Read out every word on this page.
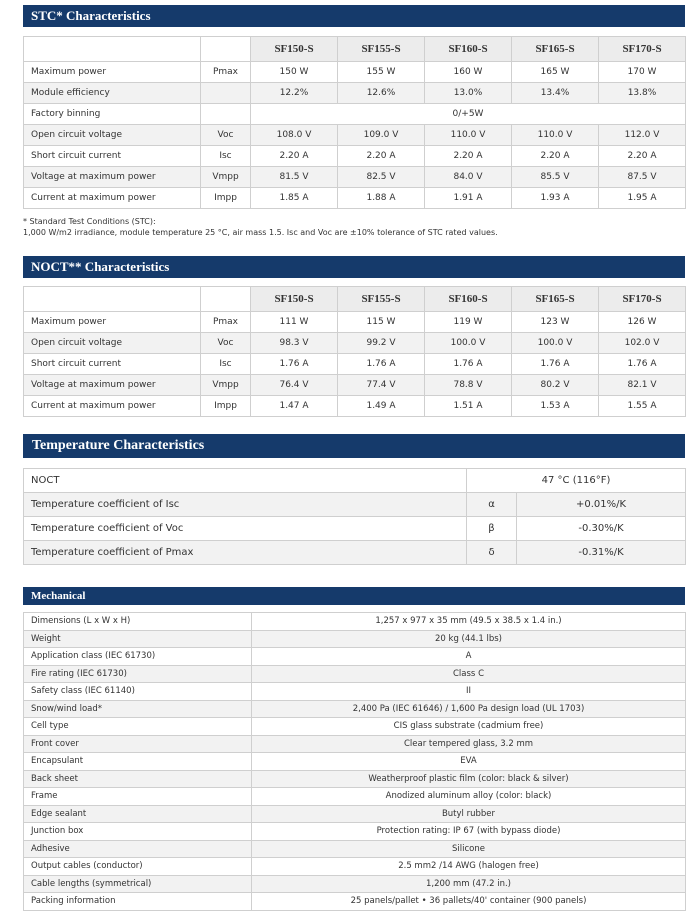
STC* Characteristics
		SF150-S	SF155-S	SF160-S	SF165-S	SF170-S
Maximum power	Pmax	150 W	155 W	160 W	165 W	170 W
Module efficiency		12.2%	12.6%	13.0%	13.4%	13.8%
Factory binning		0/+5W				
Open circuit voltage	Voc	108.0 V	109.0 V	110.0 V	110.0 V	112.0 V
Short circuit current	Isc	2.20 A	2.20 A	2.20 A	2.20 A	2.20 A
Voltage at maximum power	Vmpp	81.5 V	82.5 V	84.0 V	85.5 V	87.5 V
Current at maximum power	Impp	1.85 A	1.88 A	1.91 A	1.93 A	1.95 A
* Standard Test Conditions (STC):
1,000 W/m2 irradiance, module temperature 25 °C, air mass 1.5. Isc and Voc are ±10% tolerance of STC rated values.
NOCT** Characteristics
		SF150-S	SF155-S	SF160-S	SF165-S	SF170-S
Maximum power	Pmax	111 W	115 W	119 W	123 W	126 W
Open circuit voltage	Voc	98.3 V	99.2 V	100.0 V	100.0 V	102.0 V
Short circuit current	Isc	1.76 A	1.76 A	1.76 A	1.76 A	1.76 A
Voltage at maximum power	Vmpp	76.4 V	77.4 V	78.8 V	80.2 V	82.1 V
Current at maximum power	Impp	1.47 A	1.49 A	1.51 A	1.53 A	1.55 A
Temperature Characteristics
NOCT	47 °C (116°F)	
Temperature coefficient of Isc	α	+0.01%/K
Temperature coefficient of Voc	β	-0.30%/K
Temperature coefficient of Pmax	δ	-0.31%/K
Mechanical
Dimensions (L x W x H)	1,257 x 977 x 35 mm (49.5 x 38.5 x 1.4 in.)
Weight	20 kg (44.1 lbs)
Application class (IEC 61730)	A
Fire rating (IEC 61730)	Class C
Safety class (IEC 61140)	II
Snow/wind load*	2,400 Pa (IEC 61646) / 1,600 Pa design load (UL 1703)
Cell type	CIS glass substrate (cadmium free)
Front cover	Clear tempered glass, 3.2 mm
Encapsulant	EVA
Back sheet	Weatherproof plastic film (color: black & silver)
Frame	Anodized aluminum alloy (color: black)
Edge sealant	Butyl rubber
Junction box	Protection rating: IP 67 (with bypass diode)
Adhesive	Silicone
Output cables (conductor)	2.5 mm2 /14 AWG (halogen free)
Cable lengths (symmetrical)	1,200 mm (47.2 in.)
Packing information	25 panels/pallet • 36 pallets/40' container (900 panels)
